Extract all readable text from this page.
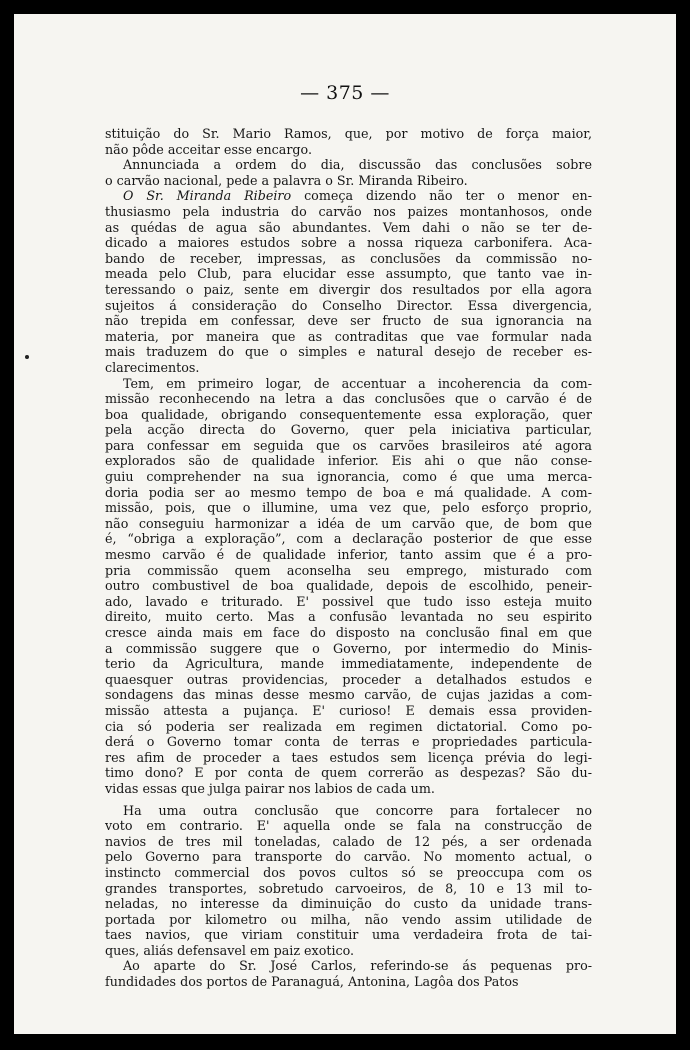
— 375 —
stituição do Sr. Mario Ramos, que, por motivo de força maior,
não pôde acceitar esse encargo.
Annunciada a ordem do dia, discussão das conclusões sobre
o carvão nacional, pede a palavra o Sr. Miranda Ribeiro.
O Sr. Miranda Ribeiro começa dizendo não ter o menor en-
thusiasmo pela industria do carvão nos paizes montanhosos, onde
as quédas de agua são abundantes. Vem dahi o não se ter de-
dicado a maiores estudos sobre a nossa riqueza carbonifera. Aca-
bando de receber, impressas, as conclusões da commissão no-
meada pelo Club, para elucidar esse assumpto, que tanto vae in-
teressando o paiz, sente em divergir dos resultados por ella agora
sujeitos á consideração do Conselho Director. Essa divergencia,
não trepida em confessar, deve ser fructo de sua ignorancia na
materia, por maneira que as contraditas que vae formular nada
mais traduzem do que o simples e natural desejo de receber es-
clarecimentos.
Tem, em primeiro logar, de accentuar a incoherencia da com-
missão reconhecendo na letra a das conclusões que o carvão é de
boa qualidade, obrigando consequentemente essa exploração, quer
pela acção directa do Governo, quer pela iniciativa particular,
para confessar em seguida que os carvões brasileiros até agora
explorados são de qualidade inferior. Eis ahi o que não conse-
guiu comprehender na sua ignorancia, como é que uma merca-
doria podia ser ao mesmo tempo de boa e má qualidade. A com-
missão, pois, que o illumine, uma vez que, pelo esforço proprio,
não conseguiu harmonizar a idéa de um carvão que, de bom que
é, “obriga a exploração”, com a declaração posterior de que esse
mesmo carvão é de qualidade inferior, tanto assim que é a pro-
pria commissão quem aconselha seu emprego, misturado com
outro combustivel de boa qualidade, depois de escolhido, peneir-
ado, lavado e triturado. E' possivel que tudo isso esteja muito
direito, muito certo. Mas a confusão levantada no seu espirito
cresce ainda mais em face do disposto na conclusão final em que
a commissão suggere que o Governo, por intermedio do Minis-
terio da Agricultura, mande immediatamente, independente de
quaesquer outras providencias, proceder a detalhados estudos e
sondagens das minas desse mesmo carvão, de cujas jazidas a com-
missão attesta a pujança. E' curioso! E demais essa providen-
cia só poderia ser realizada em regimen dictatorial. Como po-
derá o Governo tomar conta de terras e propriedades particula-
res afim de proceder a taes estudos sem licença prévia do legi-
timo dono? E por conta de quem correrão as despezas? São du-
vidas essas que julga pairar nos labios de cada um.
Ha uma outra conclusão que concorre para fortalecer no
voto em contrario. E' aquella onde se fala na construcção de
navios de tres mil toneladas, calado de 12 pés, a ser ordenada
pelo Governo para transporte do carvão. No momento actual, o
instincto commercial dos povos cultos só se preoccupa com os
grandes transportes, sobretudo carvoeiros, de 8, 10 e 13 mil to-
neladas, no interesse da diminuição do custo da unidade trans-
portada por kilometro ou milha, não vendo assim utilidade de
taes navios, que viriam constituir uma verdadeira frota de tai-
ques, aliás defensavel em paiz exotico.
Ao aparte do Sr. José Carlos, referindo-se ás pequenas pro-
fundidades dos portos de Paranaguá, Antonina, Lagôa dos Patos
